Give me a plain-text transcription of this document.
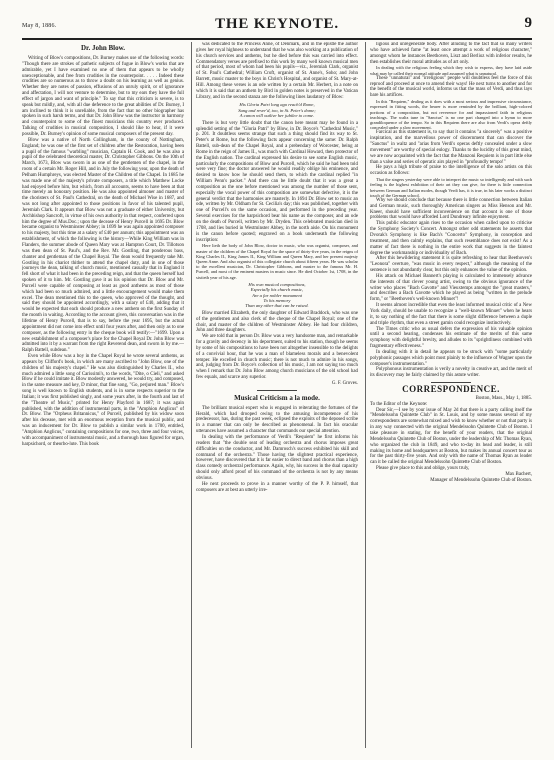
May 8, 1886.	THE KEYNOTE.	9
Dr. John Blow.

Writing of Blow's compositions, Dr. Burney makes use of the following words: "Though there are strokes of pathetic subjects of fugue in Blow's works that are admirable, yet I have examined no one of them that appears to be wholly unexceptionable, and free from crudities in the counterpoint. . . . . Indeed these crudities are so numerous as to throw a doubt on his learning as well as genius. Whether they are notes of passion, effusions of an unruly spirit, or of ignorance and affectation, I will not venture to determine, but to my ears they have the full effect of jargon and want of principle." To say that this criticism is severe, is to speak but mildly, and, with all due deference to the great abilities of Dr. Burney, I am inclined to think it is unreliable, from the fact that no other biographer has spoken in such harsh terms, and that Dr. John Blow was the instructor in harmony and counterpoint to some of the finest musicians this country ever produced. Talking of crudities in musical composition, I should like to hear, if it were possible, Dr. Burney's opinion of some musical composers of the present day.

Blow was a native of North Collingham, in the county of Nottingham, England; he was one of the first set of children after the Restoration, having been a pupil of the famous "warbling" musician, Captain H. Cook, and he was also a pupil of the celebrated theoretical master, Dr. Christopher Gibbons. On the 10th of March, 1673, Blow was sworn in as one of the gentlemen of the chapel, in the room of a certain Mr. Roger Hill, and in July the following year, upon the death of Pelham Humphreys, was elected Master of the Children of the Chapel. In 1685 he was made one of the majesty's private composers, a title which Matthew Locke had enjoyed before him, but which, from all accounts, seems to have been at that time merely an honorary position. He was also appointed almoner and master of the choristers of St. Paul's Cathedral, on the death of Michael Wise in 1687, and was not long after appointed to those positions in favor of his talented pupil, Jeremiah Clark. It appears that Blow was not a graduate of either University, but Archbishop Sancroft, in virtue of his own authority in that respect, conferred upon him the degree of Mus.Doc.; upon the decease of Henry Purcell in 1695 Dr. Blow became organist to Westminster Abbey; in 1699 he was again appointed composer to his majesty, but this time at a salary of £40 per annum; this appointment was an establishment, of which the following is the history—While King William was in Flanders, the summer abode of Queen Mary was at Hampton Court, Dr. Tillotson was then dean of St. Paul's, and the Rev. Mr. Gostling, that ponderous bass, chanter and gentleman of the Chapel Royal. The dean would frequently take Mr. Gostling in his chariot thither to attend the chapel duty, and in one of those journeys the dean, talking of church music, mentioned casually that in England it fell short of what it had been in the preceding reign, and that the queen herself had spoken of it to him. Mr. Gostling gave it as his opinion that Dr. Blow and Mr. Purcell were capable of composing at least as good anthems as most of those which had been so much admired, and a little encouragement would make them excel. The dean mentioned this to the queen, who approved of the thought, and said they should be appointed accordingly, with a salary of £40, adding that it would be expected that each should produce a new anthem on the first Sunday of the month in waiting. According to the account given, this conversation was in the lifetime of Henry Purcell, that is to say, before the year 1695, but the actual appointment did not come into effect until four years after, and then only as to one composer, as the following entry in the cheque book will testify:—"1699. Upon a new establishment of a composer's place for the Chapel Royal Dr. John Blow was admitted into it by a warrant from the right Reverend dean, and sworn in by me.—Ralph Battell, subdean."

Even while Blow was a boy in the Chapel Royal he wrote several anthems, as appears by Clifford's book, in which are many ascribed to "John Blow, one of the children of his majesty's chapel." He was also distinguished by Charles II., who much admired a little song of Carissimi's, to the words, "Dite, o Cieli," and asked Blow if he could imitate it. Blow modestly answered, he would try, and composed, in the same measure and key, D minor, that fine song, "Go, perjured man." Blow's song is well known to English students, and is in some respects superior to the Italian; it was first published singly, and some years after, in the fourth and last of the "Theatre of Music," printed for Henry Playford in 1687; it was again published, with the addition of instrumental parts, in the "Amphion Anglicus" of Dr. Blow. The "Orpheus Britannicus," of Purcell, published by his widow soon after his decease, met with an enormous reception from the musical public, and was an inducement for Dr. Blow to publish a similar work in 1700, entitled, "Amphion Anglicus," containing compositions for one, two, three and four voices, with accompaniment of instrumental music, and a thorough bass figured for organ, harpsichord, or theorbo-lute. This book

was dedicated to the Princess Anne, of Denmark, and in the epistle the author gives her royal highness to understand that he was also working at a publication of his church services and anthems, but he died before this was carried into effect. Commendatory verses are prefixed to this work by many well known musical men of that period, most of whom had been his pupils—viz., Jeremiah Clark, organist of St. Paul's Cathedral; William Croft, organist of St. Anne's, Soho; and John Barrett, music master to the boys in Christ's Hospital, and organist of St. Mary-at-Hill. Among these verses is an ode written by a certain Mr. Herbert, in a note on which it is said that an anthem by Bird in golden notes is preserved in the Vatican Library, and in the second stanza are the following lines laudatory of Blow:

His Gloria Patri long ago reach'd Rome,
Sung and rever'd, too, in St. Peter's dome;
A canon will outlive her jubilee to come.

There is but very little doubt that the canon here meant may be found in a splendid setting of the "Gloria Patri" by Blow, in Dr. Boyce's "Cathedral Music," p. 201. It doubtless seems strange that such a thing should find its way to St. Peter's at Rome, but the following facts appear concerning the same: Dr. Ralph Battell, sub-dean of the Chapel Royal, and a prebendary of Worcester, being at Rome in the reign of James II., was much with Cardinal Howard, then protector of the English nation. The cardinal expressed his desire to see some English music, particularly the compositions of Blow and Purcell, which he said he had been told were very fine; the doctor answered he would readily oblige his eminence, and desired to know how he should send them, to which the cardinal replied "in William Penn's packet." And there can be little doubt that it was a great a composition as the one before mentioned was among the number of those sent, especially the vocal power of this composition are somewhat defective, it is the general verdict that the harmonies are masterly. In 1694 Dr. Blow set to music an ode, written by Mr. Oldham for St. Cecilia's day; this was published, together with one of Purcell's on the same occasion, and performed in the preceding year. Several exercises for the harpsichord bear his name as the composer, and an ode on the death of Purcell, written by Mr. Dryden. This celebrated musician died in 1708, and lies buried in Westminster Abbey, in the north aisle. On his monument is the canon before quoted; engraved on a book underneath the following inscription:

Here lieth the body of John Blow, doctor in music, who was organist, composer, and master of the children of the Chapel Royal for the space of thirty-five years, in the reigns of King Charles II., King James II., King William and Queen Mary, and her present majesty Queen Anne. And also organist of this collegiate church about fifteen years. He was scholar to the excellent musician, Dr. Christopher Gibbons, and master to the famous Mr. H. Purcell, and most of the eminent masters in music since. He died October 1st, 1708, in the sixtieth year of his age.

His own musical compositions,
Especially his church music,
Are a far nobler monument
To his memory
Than any other that can be raised.

Blow married Elizabeth, the only daughter of Edward Braddock, who was one of the gentlemen and also clerk of the cheque of the Chapel Royal; one of the choir, and master of the children of Westminster Abbey. He had four children, John and three daughters.

We are told that in person Dr. Blow was a very handsome man, and remarkable for a gravity and decency in his deportment, suited to his station, though he seems by some of his compositions to have been not altogether insensible to the delights of a convivial hour, that he was a man of blameless morals and a benevolent temper. He excelled in church music; there is not much to admire in his songs, and, judging from Dr. Boyce's collection of his music, I am not saying too much when I remark that Dr. John Blow among church musicians of the old school had few equals, and scarce any superior.

G. F. Groves.

Musical Criticism a la mode.

The brilliant musical expert who is engaged in reiterating the fortunes of the Herald, which had drooped owing to the amusing incompetence of his predecessor, has, during the past week, eclipsed the exploits of the deposed scribe in a manner that can only be described as phenomenal. In fact his oracular utterances have assumed a character that commands our special attention.

In dealing with the performance of Verdi's "Requiem" he first informs his readers that "the double seat of leading orchestra and chorus imposes great difficulties on the conductor, and Mr. Damrosch's success exhibited his skill and command of the orchestra." Those having the slightest practical experience, however, have discovered that it is far easier to direct band and chorus than a high class comedy orchestral performance. Again, why, his success in the dual capacity should only afford proof of his command of the orchestra is not by any means obvious.

He next proceeds to prove in a manner worthy of the P. P. himself, that composers are at best an utterly irre-

ligious and unregenerate body. After alluding to the fact that so many writers who have achieved fame "at least once attempt a work of religious character," amongst whom he instances Beethoven, Liszt and Berlioz with inferior results, he then establishes their moral attitudes as of art only.

In dealing with the religious feeling which they wish to express, they have laid aside what may be called their normal attitude and assumed what is unnatural.

These "unnatural" and "irreligious" people will doubtless feel the force of this reproof and proceed at once to amend their ways! He next turns to another and for the benefit of the musical world, informs us that the mass of Verdi, and thus lays bare his artifices.

In this "Requiem," dealing as it does with a most serious and impressive circumstance, expressed in fitting words, the hearer is more reminded by the brilliant, high-colored portions of a composition, but not reverence for and impassioned faith in religious teachings. The waltz tune in "Sanctus" is no one part changed into a hymn to more grandiloquence of the tempo. So in this Requiem there are also from Verdi's opera deftly concealed under a slow movement.

Farcical as this statement is, to say that it contains "a sincerely" was a positive inspiration, and the marvellous power of discernment that can discover the "Sanctus" in waltz and "arias from Verdi's operas deftly concealed under a slow movement" are worthy of special eulogy. Thanks to the lucidity of this great mind, we are now acquainted with the fact that the Manzoni Requiem is in part little else than a valse and series of operatic airs played in "profoundly tempo!"

He pays a high tribute of praise to the intelligence of the solo artists on this occasion as follows:

That the singers yesterday were able to interpret the music so intelligently and with such feeling is the highest exhibition of their art they can give, for there is little connection between German and Italian modes, though Verdi has, it is true, in his later works a distinct touch of the German school.

Why we should conclude that because there is little connection between Italian and German music, such thoroughly American singers as Miss Henson and Mr. Kneer, should have sufficient inconvenience on that account is one of those problems that would have afforded Lord Dundreary infinite enjoyment.

This public educator again rises to the occasion when called upon to criticise the Symphony Society's Concert. Amongst other odd statements he asserts that Dvorak's Symphony is like Bach's "Concerto" Symphony, in conception and treatment, and then calmly explains, that such resemblance does not exist! As a matter of fact there is nothing in the entire work that suggests in the faintest degree the workmanship or individuality of Bach.

After this bewildering statement it is quite refreshing to hear that Beethoven's "Leonora" overture, "was music in every respect," although the meaning of the sentence is not abundantly clear, but this only enhances the value of the opinion.

His attack on Michael Bannert's playing is calculated to immensely advance the interests of that clever young artist, owing to the obvious ignorance of the writer who places "Bach Gavotte" and Vieuxtemps amongst the "great masters," and describes a Bach Gavotte which he played as being "written in the prelude form," or "Beethoven's well-known Minuet"!

It seems almost incredible that even the least informed musical critic of a New York daily, should be unable to recognize a "well-known Minuet" when he hears it, to say nothing of the fact that there is some slight difference between a duple and triple rhythm, that even a street gamin could recognize instinctively.

The Times critic who as usual defers the expression of his valuable opinion until a second hearing, condenses his estimate of the merits of this same symphony with delightful brevity, and alludes to its "sprightliness combined with fragmentary effectiveness."

In dealing with it in detail he appears to be struck with "some particularly polyphonic passages which point most plainly to the influence of Wagner upon the composer's instrumentation."

Polyphonous instrumentation is verily a novelty in creative art, and the merit of its discovery may be fairly claimed by this astute writer.

CORRESPONDENCE.

Boston, Mass., May 1, 1885.

To the Editor of the Keynote:

Dear Sir,—I see by your issue of May 2d that there is a party calling itself the "Mendelssohn Quintette Club" in St. Louis, and by some means several of my correspondents are somewhat mixed and wish to know whether or not that party is in any way connected with the original Mendelssohn Quintette Club of Boston. I take pleasure in stating, for the benefit of your readers, that the original Mendelssohn Quintette Club of Boston, under the leadership of Mr. Thomas Ryan, who organized the club in 1849, and who to-day its head and leader, is still making its home and headquarters at Boston, but makes its annual concert tour as for the past thirty-five years. And only with the name of Thomas Ryan as leader can it be called the original Mendelssohn Quintette Club of Boston.

Please give place to this and oblige, yours truly,

Max Bachert,

Manager of Mendelssohn Quintette Club of Boston.
